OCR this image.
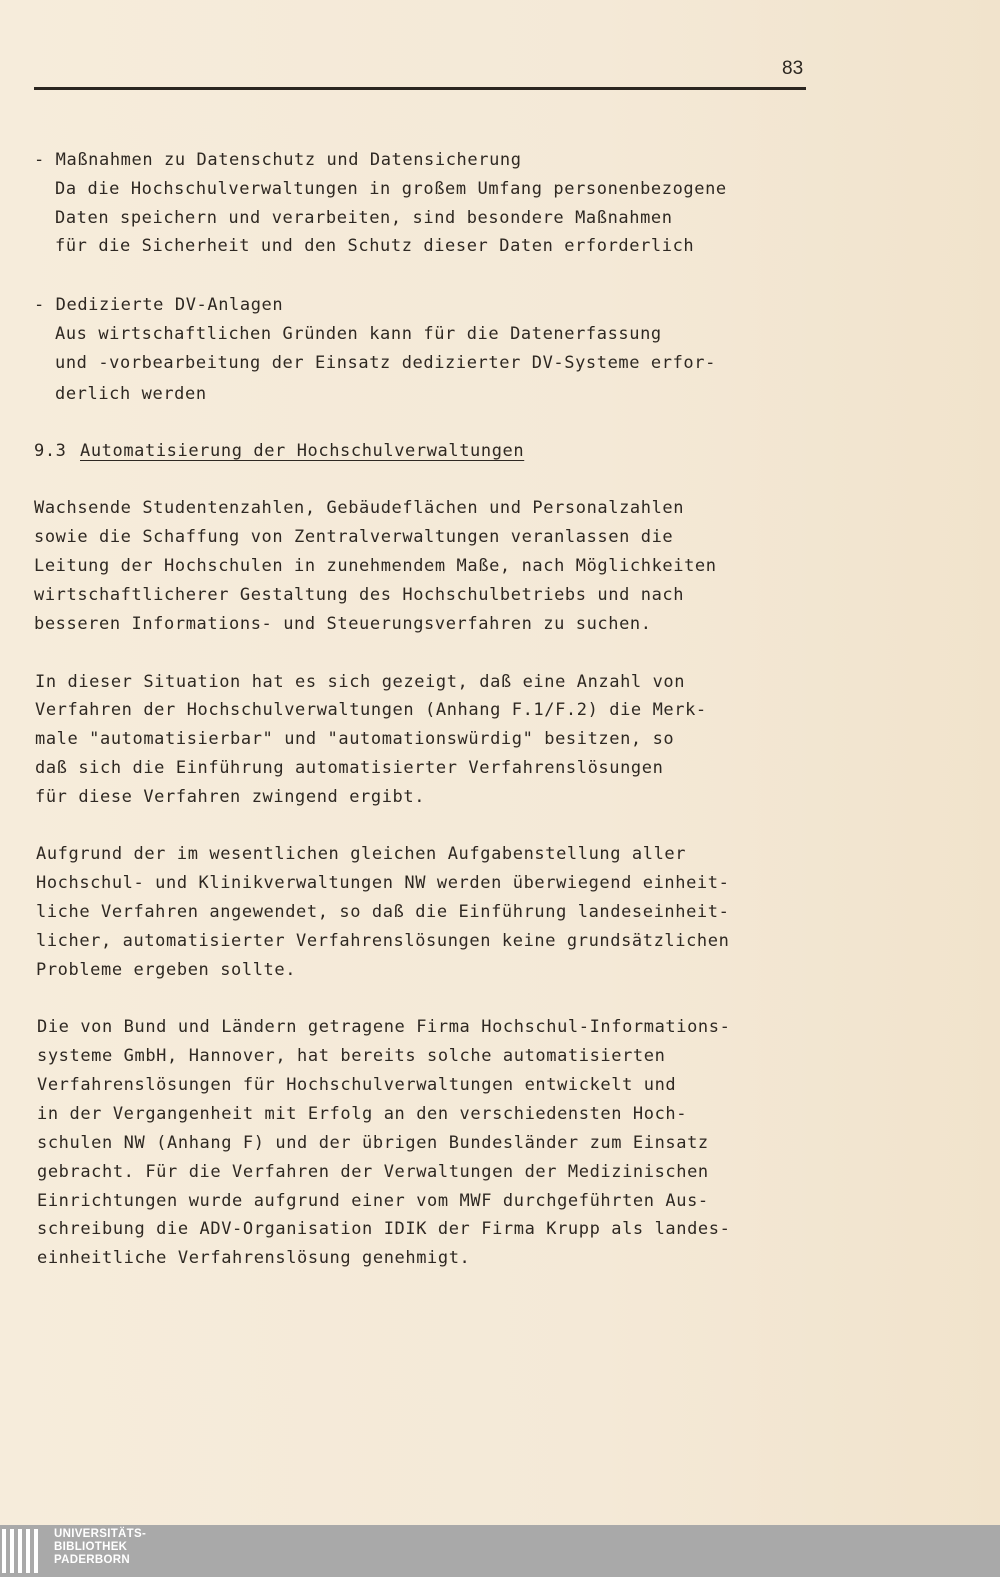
83
- Maßnahmen zu Datenschutz und Datensicherung
Da die Hochschulverwaltungen in großem Umfang personenbezogene
Daten speichern und verarbeiten, sind besondere Maßnahmen
für die Sicherheit und den Schutz dieser Daten erforderlich
- Dedizierte DV-Anlagen
Aus wirtschaftlichen Gründen kann für die Datenerfassung
und -vorbearbeitung der Einsatz dedizierter DV-Systeme erfor-
derlich werden
9.3 Automatisierung der Hochschulverwaltungen
Wachsende Studentenzahlen, Gebäudeflächen und Personalzahlen
sowie die Schaffung von Zentralverwaltungen veranlassen die
Leitung der Hochschulen in zunehmendem Maße, nach Möglichkeiten
wirtschaftlicherer Gestaltung des Hochschulbetriebs und nach
besseren Informations- und Steuerungsverfahren zu suchen.
In dieser Situation hat es sich gezeigt, daß eine Anzahl von
Verfahren der Hochschulverwaltungen (Anhang F.1/F.2) die Merk-
male "automatisierbar" und "automationswürdig" besitzen, so
daß sich die Einführung automatisierter Verfahrenslösungen
für diese Verfahren zwingend ergibt.
Aufgrund der im wesentlichen gleichen Aufgabenstellung aller
Hochschul- und Klinikverwaltungen NW werden überwiegend einheit-
liche Verfahren angewendet, so daß die Einführung landeseinheit-
licher, automatisierter Verfahrenslösungen keine grundsätzlichen
Probleme ergeben sollte.
Die von Bund und Ländern getragene Firma Hochschul-Informations-
systeme GmbH, Hannover, hat bereits solche automatisierten
Verfahrenslösungen für Hochschulverwaltungen entwickelt und
in der Vergangenheit mit Erfolg an den verschiedensten Hoch-
schulen NW (Anhang F) und der übrigen Bundesländer zum Einsatz
gebracht. Für die Verfahren der Verwaltungen der Medizinischen
Einrichtungen wurde aufgrund einer vom MWF durchgeführten Aus-
schreibung die ADV-Organisation IDIK der Firma Krupp als landes-
einheitliche Verfahrenslösung genehmigt.
UNIVERSITÄTS-
BIBLIOTHEK
PADERBORN
